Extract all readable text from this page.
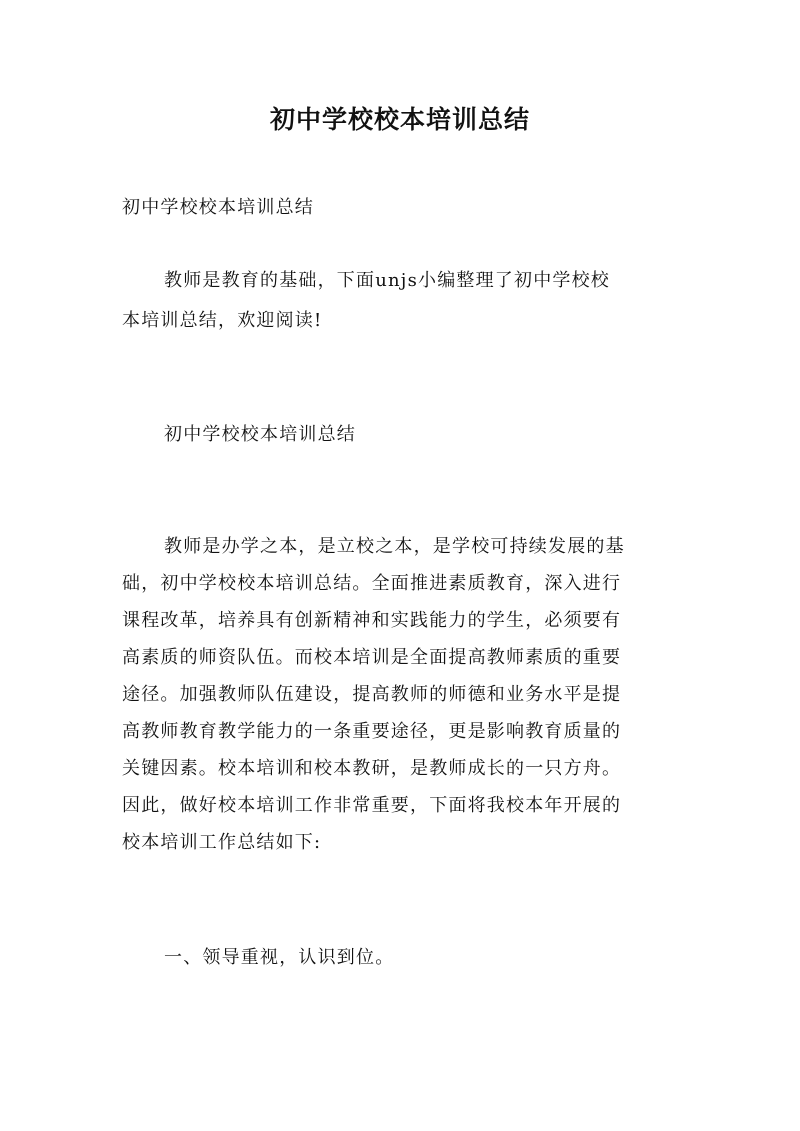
初中学校校本培训总结
初中学校校本培训总结
教师是教育的基础，下面unjs小编整理了初中学校校
本培训总结，欢迎阅读!
初中学校校本培训总结
教师是办学之本，是立校之本，是学校可持续发展的基
础，初中学校校本培训总结。全面推进素质教育，深入进行
课程改革，培养具有创新精神和实践能力的学生，必须要有
高素质的师资队伍。而校本培训是全面提高教师素质的重要
途径。加强教师队伍建设，提高教师的师德和业务水平是提
高教师教育教学能力的一条重要途径，更是影响教育质量的
关键因素。校本培训和校本教研，是教师成长的一只方舟。
因此，做好校本培训工作非常重要，下面将我校本年开展的
校本培训工作总结如下:
一、领导重视，认识到位。
